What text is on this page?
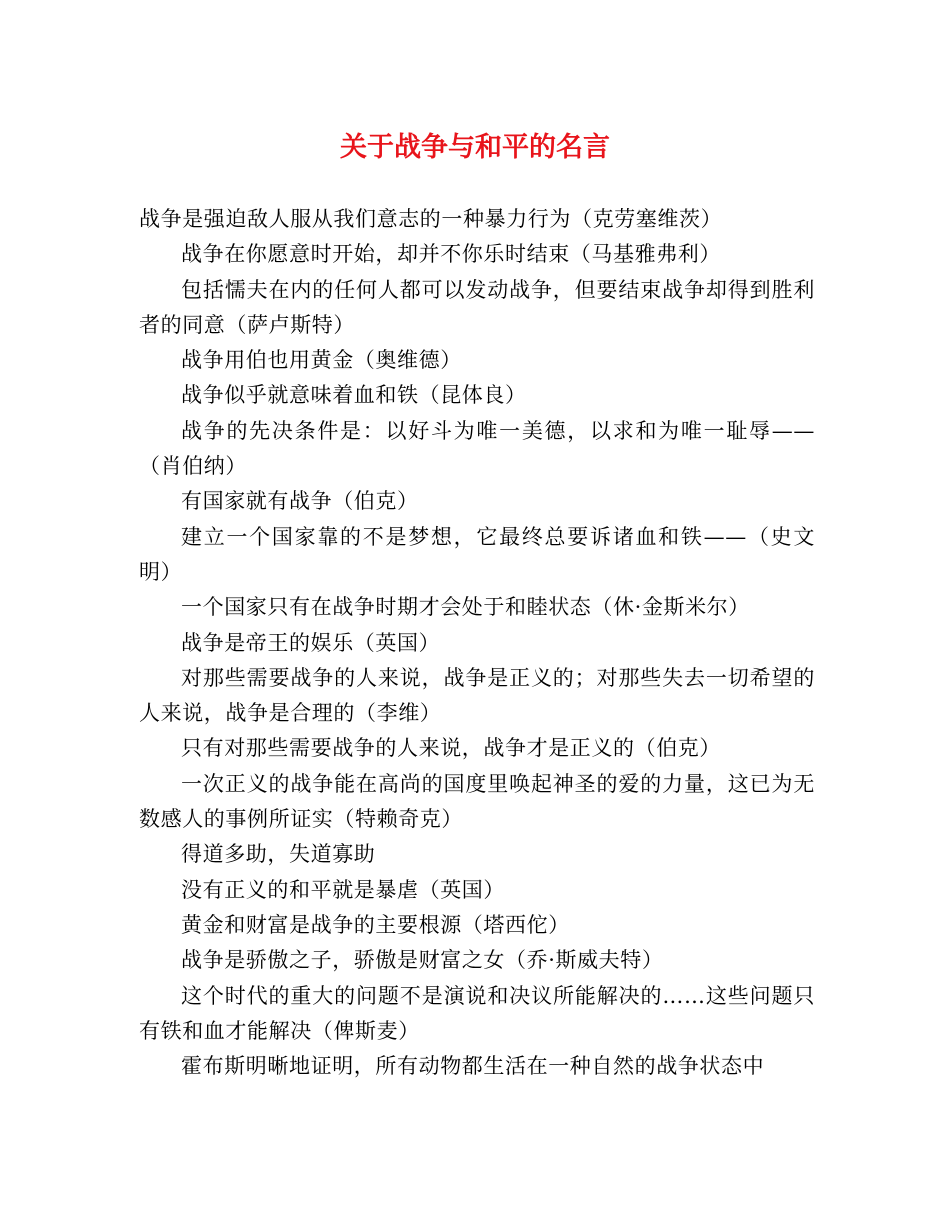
关于战争与和平的名言

战争是强迫敌人服从我们意志的一种暴力行为（克劳塞维茨）

战争在你愿意时开始，却并不你乐时结束（马基雅弗利）

包括懦夫在内的任何人都可以发动战争，但要结束战争却得到胜利者的同意（萨卢斯特）

战争用伯也用黄金（奥维德）

战争似乎就意味着血和铁（昆体良）

战争的先决条件是：以好斗为唯一美德，以求和为唯一耻辱——（肖伯纳）

有国家就有战争（伯克）

建立一个国家靠的不是梦想，它最终总要诉诸血和铁——（史文明）

一个国家只有在战争时期才会处于和睦状态（休·金斯米尔）

战争是帝王的娱乐（英国）

对那些需要战争的人来说，战争是正义的；对那些失去一切希望的人来说，战争是合理的（李维）

只有对那些需要战争的人来说，战争才是正义的（伯克）

一次正义的战争能在高尚的国度里唤起神圣的爱的力量，这已为无数感人的事例所证实（特赖奇克）

得道多助，失道寡助

没有正义的和平就是暴虐（英国）

黄金和财富是战争的主要根源（塔西佗）

战争是骄傲之子，骄傲是财富之女（乔·斯威夫特）

这个时代的重大的问题不是演说和决议所能解决的……这些问题只有铁和血才能解决（俾斯麦）

霍布斯明晰地证明，所有动物都生活在一种自然的战争状态中
